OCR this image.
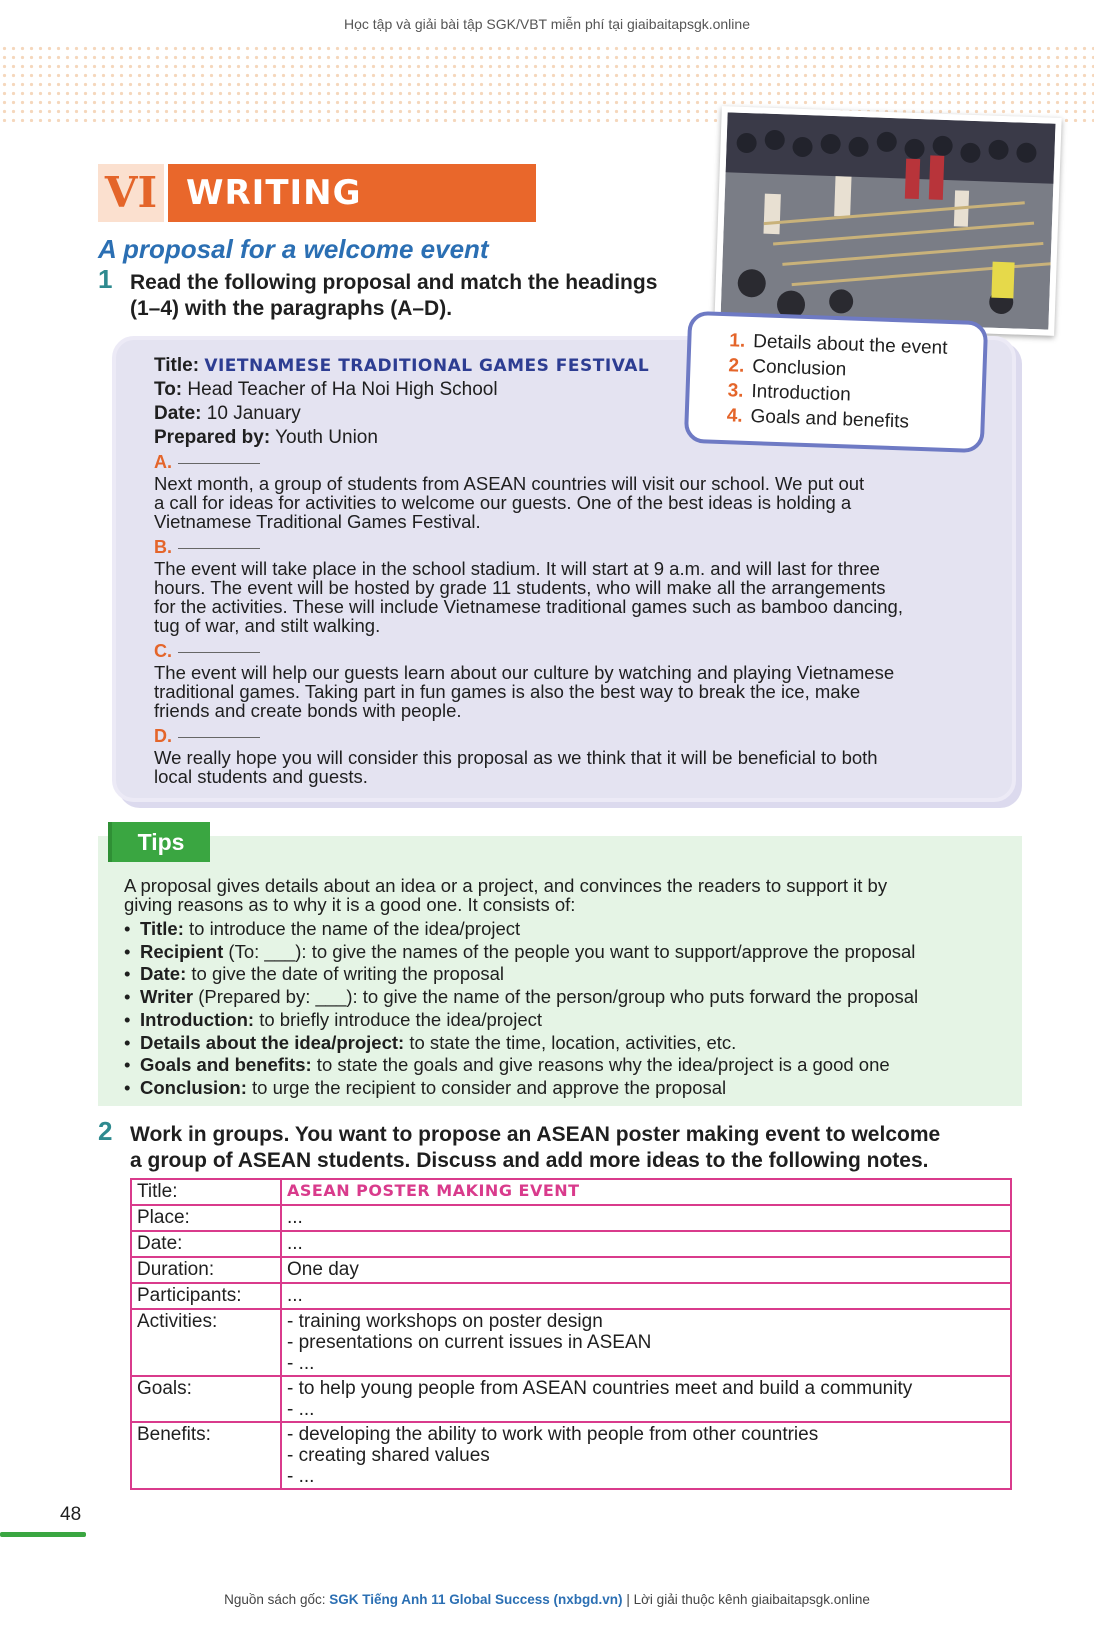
Học tập và giải bài tập SGK/VBT miễn phí tại giaibaitapsgk.online
VI WRITING
A proposal for a welcome event
1 Read the following proposal and match the headings
(1–4) with the paragraphs (A–D).
Title: VIETNAMESE TRADITIONAL GAMES FESTIVAL
To: Head Teacher of Ha Noi High School
Date: 10 January
Prepared by: Youth Union
A.
Next month, a group of students from ASEAN countries will visit our school. We put out
a call for ideas for activities to welcome our guests. One of the best ideas is holding a
Vietnamese Traditional Games Festival.
B.
The event will take place in the school stadium. It will start at 9 a.m. and will last for three
hours. The event will be hosted by grade 11 students, who will make all the arrangements
for the activities. These will include Vietnamese traditional games such as bamboo dancing,
tug of war, and stilt walking.
C.
The event will help our guests learn about our culture by watching and playing Vietnamese
traditional games. Taking part in fun games is also the best way to break the ice, make
friends and create bonds with people.
D.
We really hope you will consider this proposal as we think that it will be beneficial to both
local students and guests.
1. Details about the event
2. Conclusion
3. Introduction
4. Goals and benefits
Tips
A proposal gives details about an idea or a project, and convinces the readers to support it by
giving reasons as to why it is a good one. It consists of:
• Title: to introduce the name of the idea/project
• Recipient (To: ___): to give the names of the people you want to support/approve the proposal
• Date: to give the date of writing the proposal
• Writer (Prepared by: ___): to give the name of the person/group who puts forward the proposal
• Introduction: to briefly introduce the idea/project
• Details about the idea/project: to state the time, location, activities, etc.
• Goals and benefits: to state the goals and give reasons why the idea/project is a good one
• Conclusion: to urge the recipient to consider and approve the proposal
2 Work in groups. You want to propose an ASEAN poster making event to welcome
a group of ASEAN students. Discuss and add more ideas to the following notes.
Title:	ASEAN POSTER MAKING EVENT
Place:	...
Date:	...
Duration:	One day
Participants:	...
Activities:	- training workshops on poster design
- presentations on current issues in ASEAN
- ...

Goals:	- to help young people from ASEAN countries meet and build a community
- ...

Benefits:	- developing the ability to work with people from other countries
- creating shared values
- ...
48
Nguồn sách gốc: SGK Tiếng Anh 11 Global Success (nxbgd.vn) | Lời giải thuộc kênh giaibaitapsgk.online
